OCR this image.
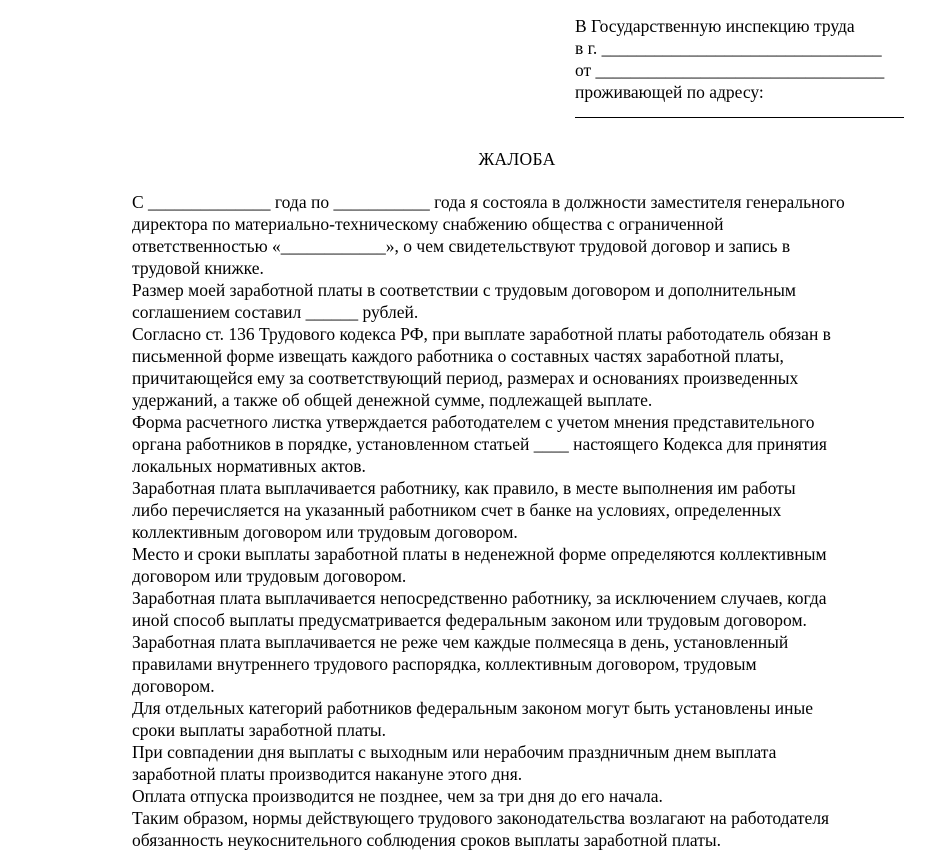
В Государственную инспекцию труда
в г. ________________________________
от _________________________________
проживающей по адресу:
ЖАЛОБА
С ______________ года по ___________ года я состояла в должности заместителя генерального
директора по материально-техническому снабжению общества с ограниченной
ответственностью «____________», о чем свидетельствуют трудовой договор и запись в
трудовой книжке.
Размер моей заработной платы в соответствии с трудовым договором и дополнительным
соглашением составил ______ рублей.
Согласно ст. 136 Трудового кодекса РФ, при выплате заработной платы работодатель обязан в
письменной форме извещать каждого работника о составных частях заработной платы,
причитающейся ему за соответствующий период, размерах и основаниях произведенных
удержаний, а также об общей денежной сумме, подлежащей выплате.
Форма расчетного листка утверждается работодателем с учетом мнения представительного
органа работников в порядке, установленном статьей ____ настоящего Кодекса для принятия
локальных нормативных актов.
Заработная плата выплачивается работнику, как правило, в месте выполнения им работы
либо перечисляется на указанный работником счет в банке на условиях, определенных
коллективным договором или трудовым договором.
Место и сроки выплаты заработной платы в неденежной форме определяются коллективным
договором или трудовым договором.
Заработная плата выплачивается непосредственно работнику, за исключением случаев, когда
иной способ выплаты предусматривается федеральным законом или трудовым договором.
Заработная плата выплачивается не реже чем каждые полмесяца в день, установленный
правилами внутреннего трудового распорядка, коллективным договором, трудовым
договором.
Для отдельных категорий работников федеральным законом могут быть установлены иные
сроки выплаты заработной платы.
При совпадении дня выплаты с выходным или нерабочим праздничным днем выплата
заработной платы производится накануне этого дня.
Оплата отпуска производится не позднее, чем за три дня до его начала.
Таким образом, нормы действующего трудового законодательства возлагают на работодателя
обязанность неукоснительного соблюдения сроков выплаты заработной платы.
